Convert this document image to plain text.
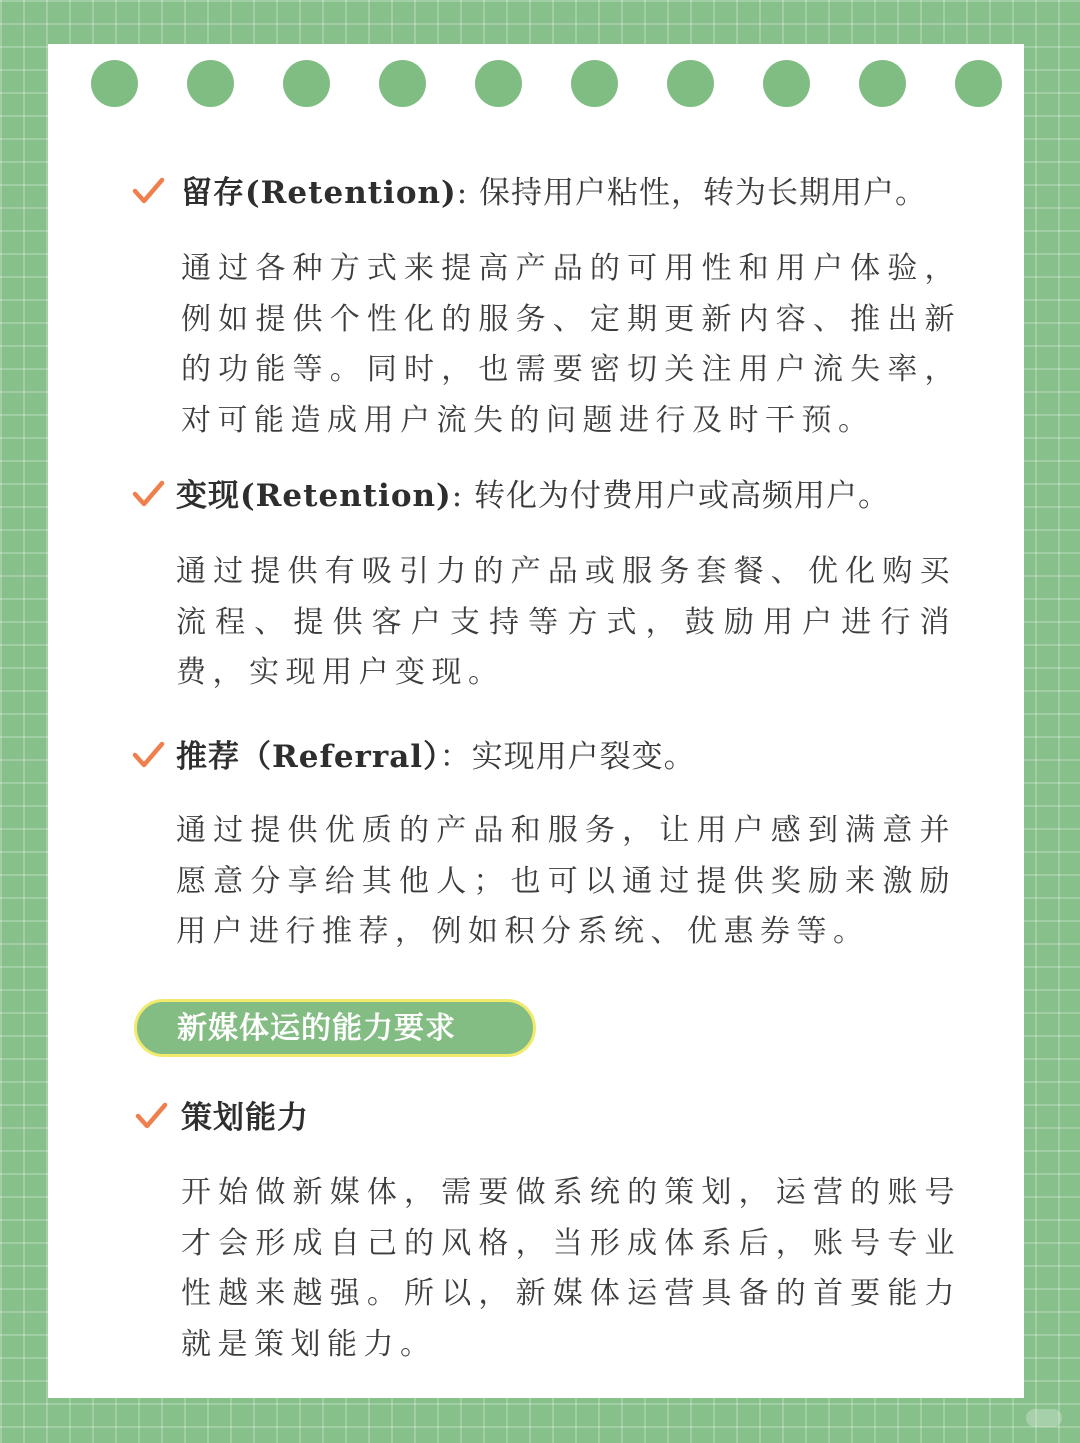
留存(Retention): 保持用户粘性，转为长期用户。
通过各种方式来提高产品的可用性和用户体验，例如提供个性化的服务、定期更新内容、推出新的功能等。同时，也需要密切关注用户流失率，对可能造成用户流失的问题进行及时干预。
变现(Retention): 转化为付费用户或高频用户。
通过提供有吸引力的产品或服务套餐、优化购买流程、提供客户支持等方式，鼓励用户进行消费，实现用户变现。
推荐（Referral）：实现用户裂变。
通过提供优质的产品和服务，让用户感到满意并愿意分享给其他人；也可以通过提供奖励来激励用户进行推荐，例如积分系统、优惠券等。
新媒体运的能力要求
策划能力
开始做新媒体，需要做系统的策划，运营的账号才会形成自己的风格，当形成体系后，账号专业性越来越强。所以，新媒体运营具备的首要能力就是策划能力。
